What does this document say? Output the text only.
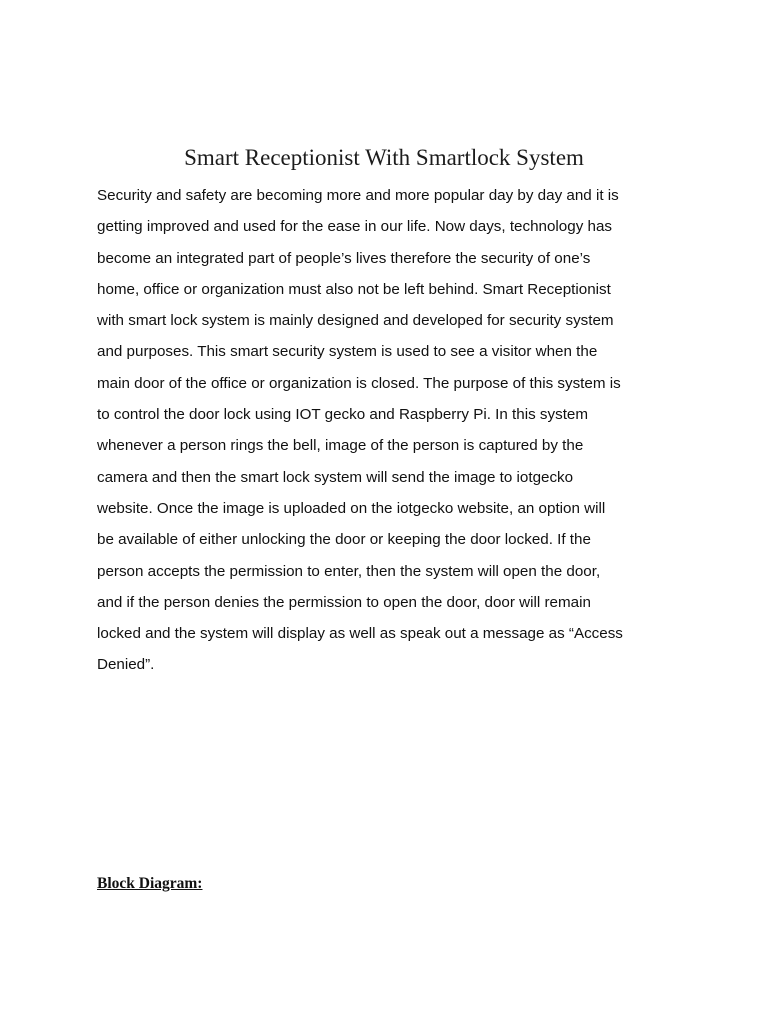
Smart Receptionist With Smartlock System

Security and safety are becoming more and more popular day by day and it is
getting improved and used for the ease in our life. Now days, technology has
become an integrated part of people’s lives therefore the security of one’s
home, office or organization must also not be left behind. Smart Receptionist
with smart lock system is mainly designed and developed for security system
and purposes. This smart security system is used to see a visitor when the
main door of the office or organization is closed. The purpose of this system is
to control the door lock using IOT gecko and Raspberry Pi. In this system
whenever a person rings the bell, image of the person is captured by the
camera and then the smart lock system will send the image to iotgecko
website. Once the image is uploaded on the iotgecko website, an option will
be available of either unlocking the door or keeping the door locked. If the
person accepts the permission to enter, then the system will open the door,
and if the person denies the permission to open the door, door will remain
locked and the system will display as well as speak out a message as “Access
Denied”.

Block Diagram:
